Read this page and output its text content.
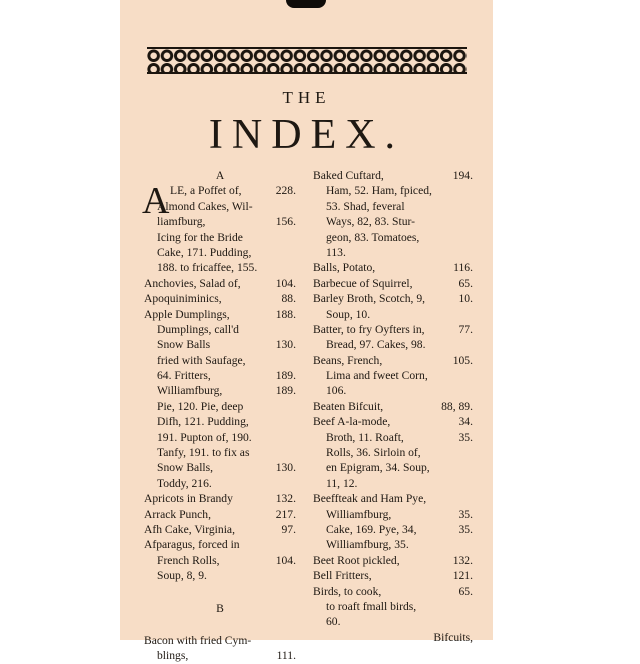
THE
INDEX.
A
A LE, a Poffet of,	228.
Almond Cakes, Wil-
liamfburg,	156.
Icing for the Bride
Cake, 171. Pudding,
188. to fricaffee, 155.
Anchovies, Salad of,	104.
Apoquiniminics,	88.
Apple Dumplings,	188.
Dumplings, call'd
Snow Balls	130.
fried with Saufage,
64. Fritters,	189.
Williamfburg,	189.
Pie, 120. Pie, deep
Difh, 121. Pudding,
191. Pupton of, 190.
Tanfy, 191. to fix as
Snow Balls,	130.
Toddy, 216.
Apricots in Brandy	132.
Arrack Punch,	217.
Afh Cake, Virginia,	97.
Afparagus, forced in
French Rolls,	104.
Soup, 8, 9.
B
Bacon with fried Cym-
blings,	111.
Baked Cuftard,	194.
Ham, 52. Ham, fpiced,
53. Shad, feveral
Ways, 82, 83. Stur-
geon, 83. Tomatoes,
113.
Balls, Potato,	116.
Barbecue of Squirrel,	65.
Barley Broth, Scotch, 9,	10.
Soup, 10.
Batter, to fry Oyfters in,	77.
Bread, 97. Cakes, 98.
Beans, French,	105.
Lima and fweet Corn,
106.
Beaten Bifcuit,	88, 89.
Beef A-la-mode,	34.
Broth, 11. Roaft,	35.
Rolls, 36. Sirloin of,
en Epigram, 34. Soup,
11, 12.
Beeffteak and Ham Pye,
Williamfburg,	35.
Cake, 169. Pye, 34,	35.
Williamfburg, 35.
Beet Root pickled,	132.
Bell Fritters,	121.
Birds, to cook,	65.
to roaft fmall birds,
60.
Bifcuits,
